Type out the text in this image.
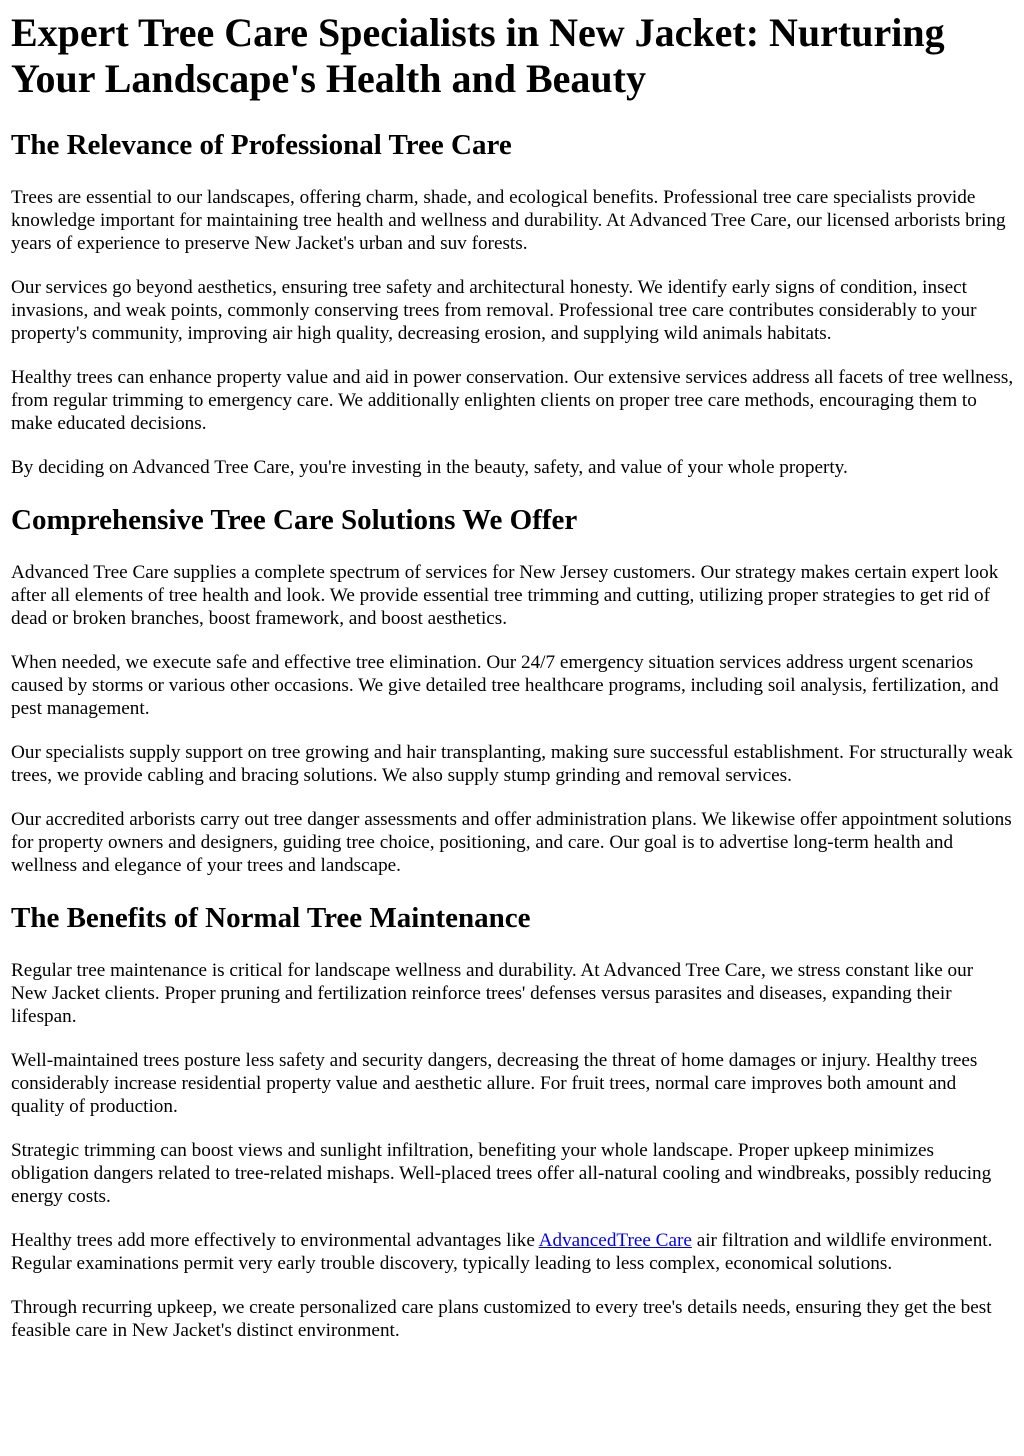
Expert Tree Care Specialists in New Jacket: Nurturing Your Landscape's Health and Beauty
The Relevance of Professional Tree Care

Trees are essential to our landscapes, offering charm, shade, and ecological benefits. Professional tree care specialists provide knowledge important for maintaining tree health and wellness and durability. At Advanced Tree Care, our licensed arborists bring years of experience to preserve New Jacket's urban and suv forests.

Our services go beyond aesthetics, ensuring tree safety and architectural honesty. We identify early signs of condition, insect invasions, and weak points, commonly conserving trees from removal. Professional tree care contributes considerably to your property's community, improving air high quality, decreasing erosion, and supplying wild animals habitats.

Healthy trees can enhance property value and aid in power conservation. Our extensive services address all facets of tree wellness, from regular trimming to emergency care. We additionally enlighten clients on proper tree care methods, encouraging them to make educated decisions.

By deciding on Advanced Tree Care, you're investing in the beauty, safety, and value of your whole property.

Comprehensive Tree Care Solutions We Offer

Advanced Tree Care supplies a complete spectrum of services for New Jersey customers. Our strategy makes certain expert look after all elements of tree health and look. We provide essential tree trimming and cutting, utilizing proper strategies to get rid of dead or broken branches, boost framework, and boost aesthetics.

When needed, we execute safe and effective tree elimination. Our 24/7 emergency situation services address urgent scenarios caused by storms or various other occasions. We give detailed tree healthcare programs, including soil analysis, fertilization, and pest management.

Our specialists supply support on tree growing and hair transplanting, making sure successful establishment. For structurally weak trees, we provide cabling and bracing solutions. We also supply stump grinding and removal services.

Our accredited arborists carry out tree danger assessments and offer administration plans. We likewise offer appointment solutions for property owners and designers, guiding tree choice, positioning, and care. Our goal is to advertise long-term health and wellness and elegance of your trees and landscape.

The Benefits of Normal Tree Maintenance

Regular tree maintenance is critical for landscape wellness and durability. At Advanced Tree Care, we stress constant like our New Jacket clients. Proper pruning and fertilization reinforce trees' defenses versus parasites and diseases, expanding their lifespan.

Well-maintained trees posture less safety and security dangers, decreasing the threat of home damages or injury. Healthy trees considerably increase residential property value and aesthetic allure. For fruit trees, normal care improves both amount and quality of production.

Strategic trimming can boost views and sunlight infiltration, benefiting your whole landscape. Proper upkeep minimizes obligation dangers related to tree-related mishaps. Well-placed trees offer all-natural cooling and windbreaks, possibly reducing energy costs.

Healthy trees add more effectively to environmental advantages like AdvancedTree Care air filtration and wildlife environment. Regular examinations permit very early trouble discovery, typically leading to less complex, economical solutions.

Through recurring upkeep, we create personalized care plans customized to every tree's details needs, ensuring they get the best feasible care in New Jacket's distinct environment.
